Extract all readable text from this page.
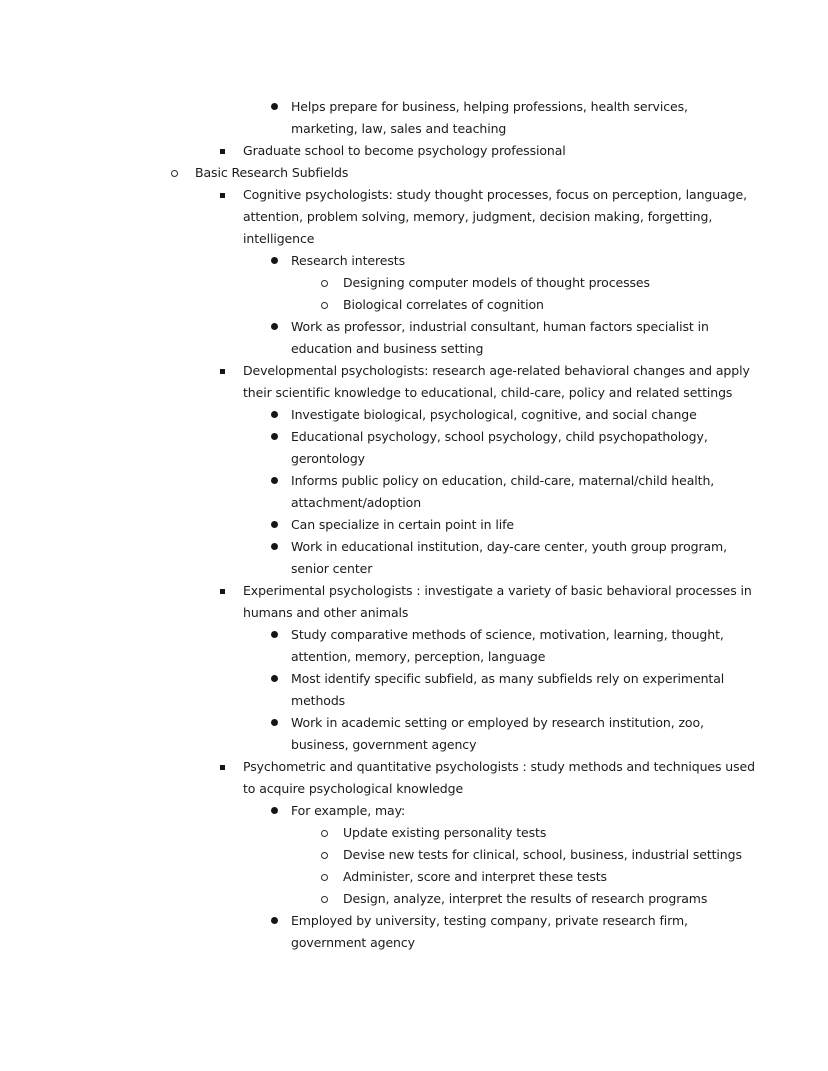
Helps prepare for business, helping professions, health services,
marketing, law, sales and teaching
Graduate school to become psychology professional
Basic Research Subfields
Cognitive psychologists: study thought processes, focus on perception, language,
attention, problem solving, memory, judgment, decision making, forgetting,
intelligence
Research interests
Designing computer models of thought processes
Biological correlates of cognition
Work as professor, industrial consultant, human factors specialist in
education and business setting
Developmental psychologists: research age-related behavioral changes and apply
their scientific knowledge to educational, child-care, policy and related settings
Investigate biological, psychological, cognitive, and social change
Educational psychology, school psychology, child psychopathology,
gerontology
Informs public policy on education, child-care, maternal/child health,
attachment/adoption
Can specialize in certain point in life
Work in educational institution, day-care center, youth group program,
senior center
Experimental psychologists : investigate a variety of basic behavioral processes in
humans and other animals
Study comparative methods of science, motivation, learning, thought,
attention, memory, perception, language
Most identify specific subfield, as many subfields rely on experimental
methods
Work in academic setting or employed by research institution, zoo,
business, government agency
Psychometric and quantitative psychologists : study methods and techniques used
to acquire psychological knowledge
For example, may:
Update existing personality tests
Devise new tests for clinical, school, business, industrial settings
Administer, score and interpret these tests
Design, analyze, interpret the results of research programs
Employed by university, testing company, private research firm,
government agency
